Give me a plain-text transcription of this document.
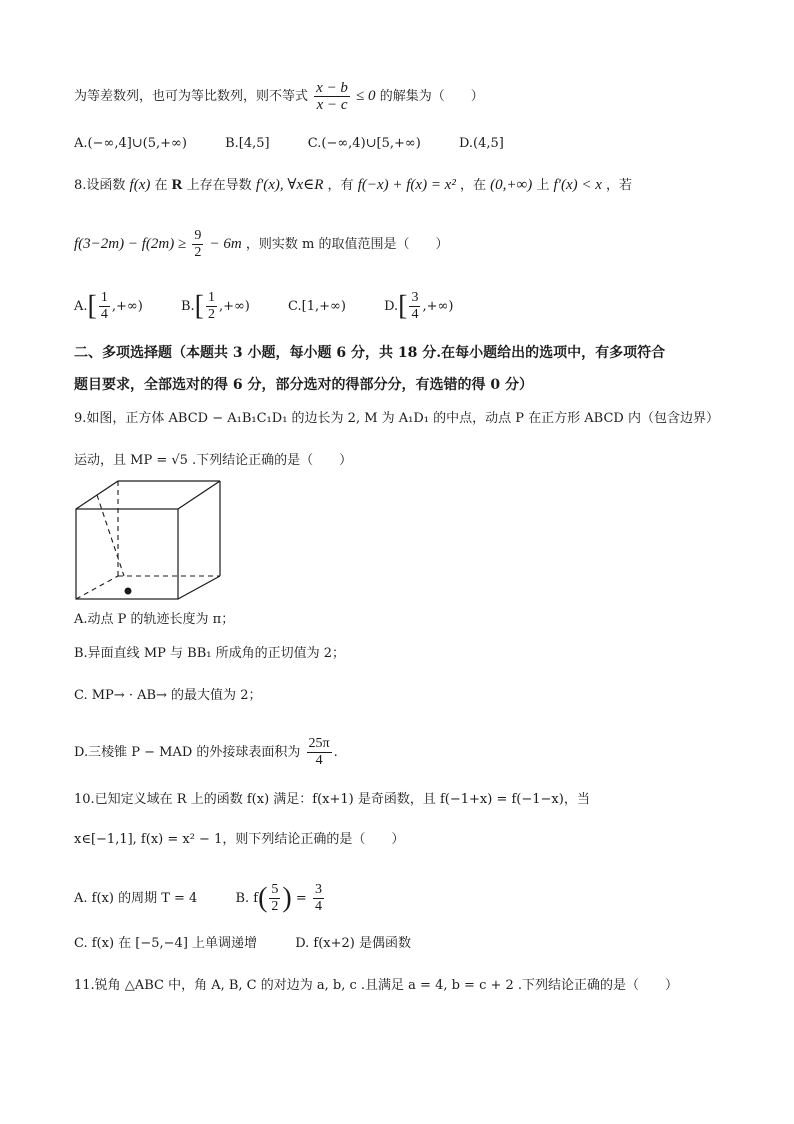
为等差数列，也可为等比数列，则不等式 $\frac{x - b}{x - c} \le 0$ 的解集为（　　）
A.(−∞,4]∪(5,+∞)	B.[4,5]	C.(−∞,4)∪[5,+∞)	D.(4,5]
8.设函数 f(x) 在 R 上存在导数 f′(x), ∀x∈R ，有 f(−x) + f(x) = x² ，在 (0,+∞) 上 f′(x) < x ，若
$f(3-2m) - f(2m) \ge \frac{9}{2} - 6m$ ，则实数 m 的取值范围是（　　）
$A.[ \frac{1}{4}$ ,+∞)	$B.[ \frac{1}{2}$ ,+∞)	C.[1,+∞)	$D.[ \frac{3}{4}$ ,+∞)
二、多项选择题（本题共 3 小题，每小题 6 分，共 18 分.在每小题给出的选项中，有多项符合
题目要求，全部选对的得 6 分，部分选对的得部分分，有选错的得 0 分）
9.如图，正方体 ABCD − A₁B₁C₁D₁ 的边长为 2, M 为 A₁D₁ 的中点，动点 P 在正方形 ABCD 内（包含边界）
运动，且 MP = √5 .下列结论正确的是（　　）
A.动点 P 的轨迹长度为 π；
B.异面直线 MP 与 BB₁ 所成角的正切值为 2；
C. MP→ · AB→ 的最大值为 2；
D.三棱锥 P − MAD 的外接球表面积为 $\frac{25\pi}{4}$ .
10.已知定义域在 R 上的函数 f(x) 满足：f(x+1) 是奇函数，且 f(−1+x) = f(−1−x)，当
x∈[−1,1], f(x) = x² − 1，则下列结论正确的是（　　）
A. f(x) 的周期 T = 4	B. $f( \frac{5}{2}$ ) = $\frac{3}{4}$
C. f(x) 在 [−5,−4] 上单调递增	D. f(x+2) 是偶函数
11.锐角 △ABC 中，角 A, B, C 的对边为 a, b, c .且满足 a = 4, b = c + 2 .下列结论正确的是（　　）
